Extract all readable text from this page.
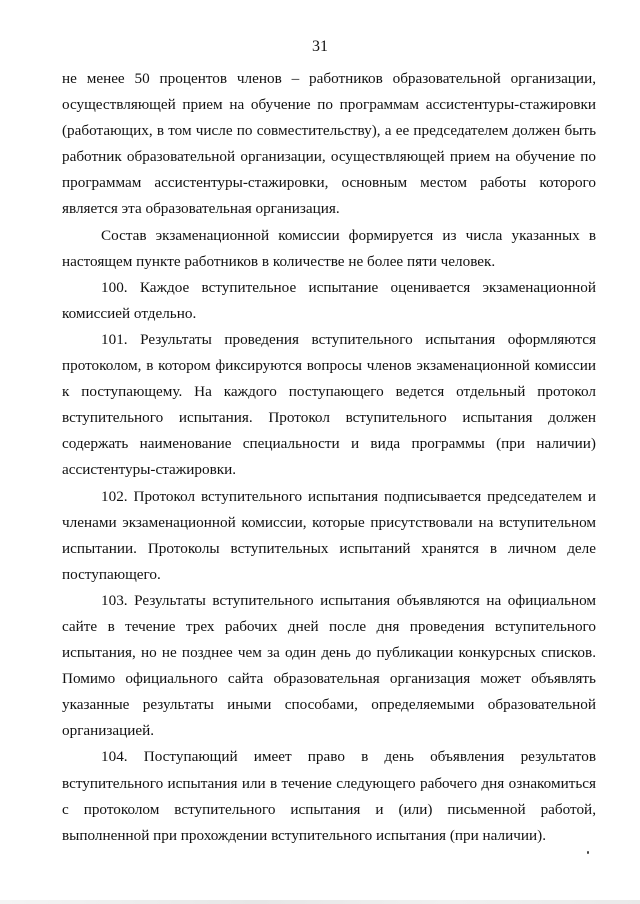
31

не менее 50 процентов членов – работников образовательной организации, осуществляющей прием на обучение по программам ассистентуры-стажировки (работающих, в том числе по совместительству), а ее председателем должен быть работник образовательной организации, осуществляющей прием на обучение по программам ассистентуры-стажировки, основным местом работы которого является эта образовательная организация.

Состав экзаменационной комиссии формируется из числа указанных в настоящем пункте работников в количестве не более пяти человек.

100. Каждое вступительное испытание оценивается экзаменационной комиссией отдельно.

101. Результаты проведения вступительного испытания оформляются протоколом, в котором фиксируются вопросы членов экзаменационной комиссии к поступающему. На каждого поступающего ведется отдельный протокол вступительного испытания. Протокол вступительного испытания должен содержать наименование специальности и вида программы (при наличии) ассистентуры-стажировки.

102. Протокол вступительного испытания подписывается председателем и членами экзаменационной комиссии, которые присутствовали на вступительном испытании. Протоколы вступительных испытаний хранятся в личном деле поступающего.

103. Результаты вступительного испытания объявляются на официальном сайте в течение трех рабочих дней после дня проведения вступительного испытания, но не позднее чем за один день до публикации конкурсных списков. Помимо официального сайта образовательная организация может объявлять указанные результаты иными способами, определяемыми образовательной организацией.

104. Поступающий имеет право в день объявления результатов вступительного испытания или в течение следующего рабочего дня ознакомиться с протоколом вступительного испытания и (или) письменной работой, выполненной при прохождении вступительного испытания (при наличии).
